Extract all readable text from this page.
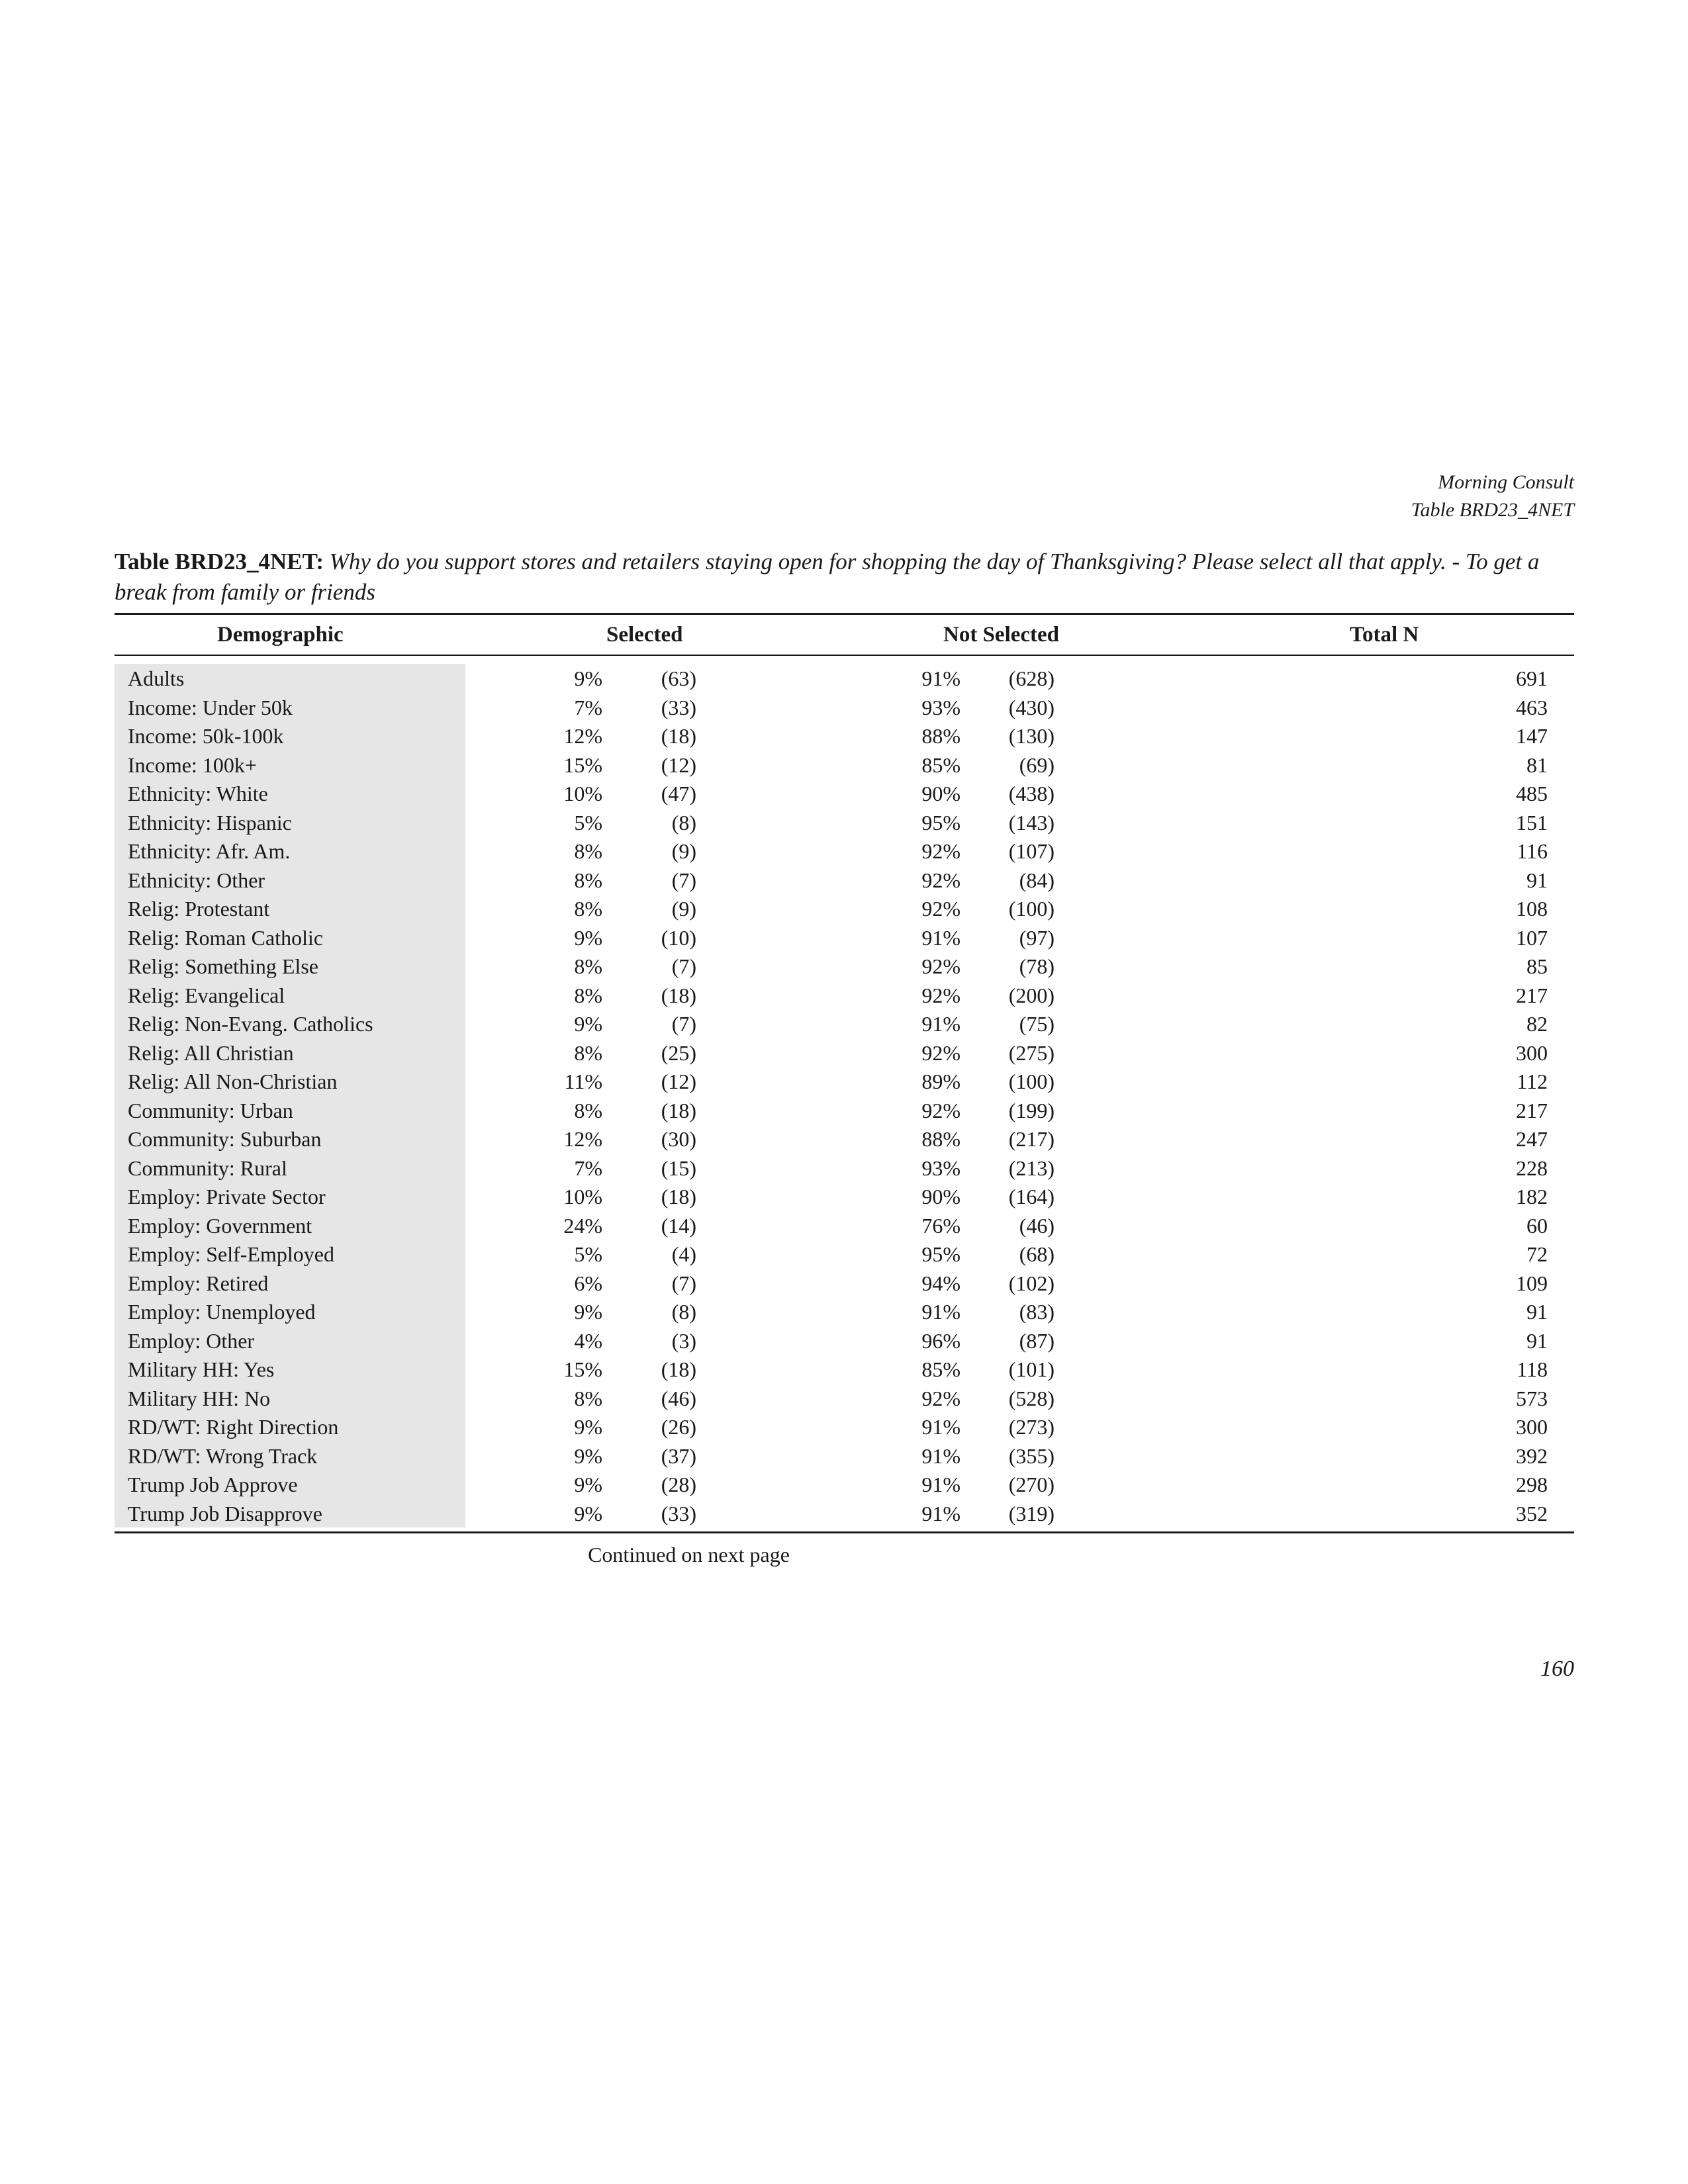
Morning Consult
Table BRD23_4NET
Table BRD23_4NET: Why do you support stores and retailers staying open for shopping the day of Thanksgiving? Please select all that apply. - To get a break from family or friends
Demographic	Selected	Not Selected	Total N
Adults	9%	(63)	91% (628)	691
Income: Under 50k	7%	(33)	93% (430)	463
Income: 50k-100k	12%	(18)	88% (130)	147
Income: 100k+	15%	(12)	85%	(69)	81
Ethnicity: White	10%	(47)	90% (438)	485
Ethnicity: Hispanic	5%	(8)	95% (143)	151
Ethnicity: Afr. Am.	8%	(9)	92% (107)	116
Ethnicity: Other	8%	(7)	92%	(84)	91
Relig: Protestant	8%	(9)	92% (100)	108
Relig: Roman Catholic	9%	(10)	91%	(97)	107
Relig: Something Else	8%	(7)	92%	(78)	85
Relig: Evangelical	8%	(18)	92% (200)	217
Relig: Non-Evang. Catholics	9%	(7)	91%	(75)	82
Relig: All Christian	8%	(25)	92% (275)	300
Relig: All Non-Christian	11%	(12)	89% (100)	112
Community: Urban	8%	(18)	92% (199)	217
Community: Suburban	12%	(30)	88% (217)	247
Community: Rural	7%	(15)	93% (213)	228
Employ: Private Sector	10%	(18)	90% (164)	182
Employ: Government	24%	(14)	76%	(46)	60
Employ: Self-Employed	5%	(4)	95%	(68)	72
Employ: Retired	6%	(7)	94% (102)	109
Employ: Unemployed	9%	(8)	91%	(83)	91
Employ: Other	4%	(3)	96%	(87)	91
Military HH: Yes	15%	(18)	85% (101)	118
Military HH: No	8%	(46)	92% (528)	573
RD/WT: Right Direction	9%	(26)	91% (273)	300
RD/WT: Wrong Track	9%	(37)	91% (355)	392
Trump Job Approve	9%	(28)	91% (270)	298
Trump Job Disapprove	9%	(33)	91% (319)	352
Continued on next page
160
